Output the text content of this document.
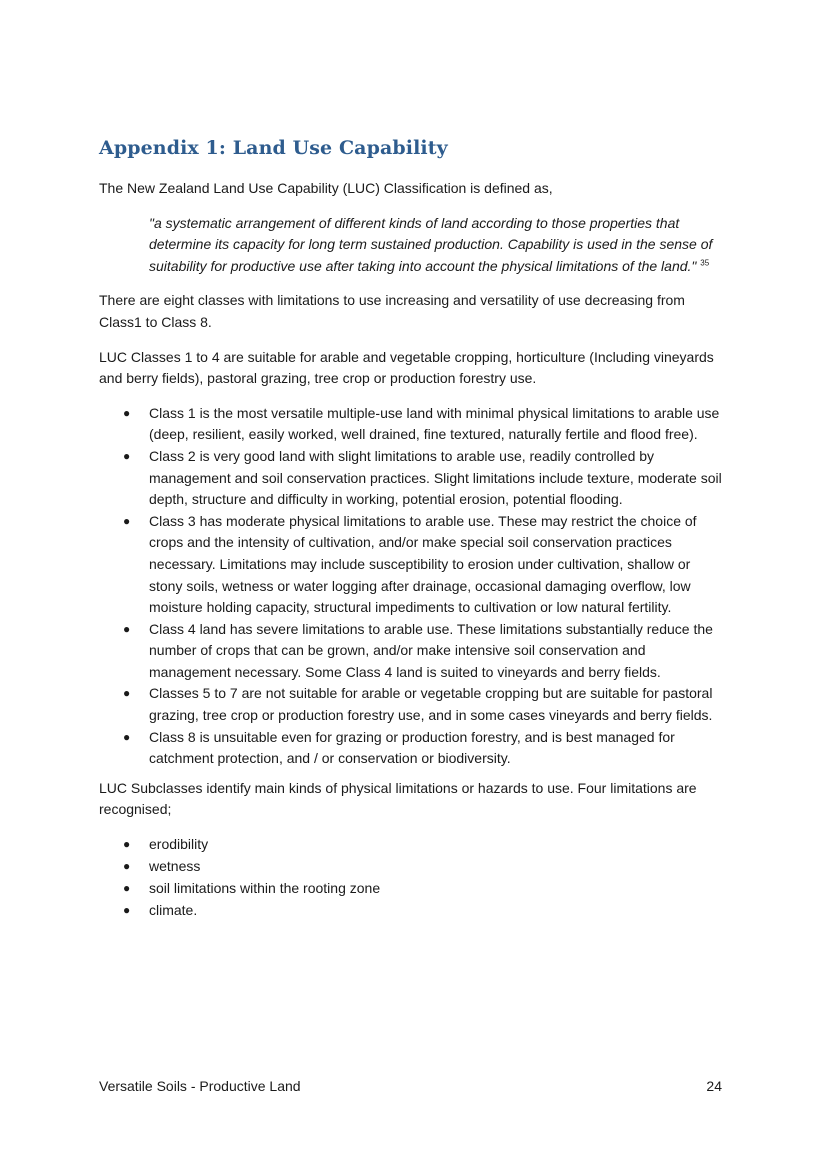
Appendix 1: Land Use Capability

The New Zealand Land Use Capability (LUC) Classification is defined as,

"a systematic arrangement of different kinds of land according to those properties that determine its capacity for long term sustained production. Capability is used in the sense of suitability for productive use after taking into account the physical limitations of the land." $^{35}$

There are eight classes with limitations to use increasing and versatility of use decreasing from Class1 to Class 8.

LUC Classes 1 to 4 are suitable for arable and vegetable cropping, horticulture (Including vineyards and berry fields), pastoral grazing, tree crop or production forestry use.

● Class 1 is the most versatile multiple-use land with minimal physical limitations to arable use (deep, resilient, easily worked, well drained, fine textured, naturally fertile and flood free).
● Class 2 is very good land with slight limitations to arable use, readily controlled by management and soil conservation practices. Slight limitations include texture, moderate soil depth, structure and difficulty in working, potential erosion, potential flooding.
● Class 3 has moderate physical limitations to arable use. These may restrict the choice of crops and the intensity of cultivation, and/or make special soil conservation practices necessary. Limitations may include susceptibility to erosion under cultivation, shallow or stony soils, wetness or water logging after drainage, occasional damaging overflow, low moisture holding capacity, structural impediments to cultivation or low natural fertility.
● Class 4 land has severe limitations to arable use. These limitations substantially reduce the number of crops that can be grown, and/or make intensive soil conservation and management necessary. Some Class 4 land is suited to vineyards and berry fields.
● Classes 5 to 7 are not suitable for arable or vegetable cropping but are suitable for pastoral grazing, tree crop or production forestry use, and in some cases vineyards and berry fields.
● Class 8 is unsuitable even for grazing or production forestry, and is best managed for catchment protection, and / or conservation or biodiversity.

LUC Subclasses identify main kinds of physical limitations or hazards to use. Four limitations are recognised;

● erodibility
● wetness
● soil limitations within the rooting zone
● climate.
Versatile Soils - Productive Land	24
